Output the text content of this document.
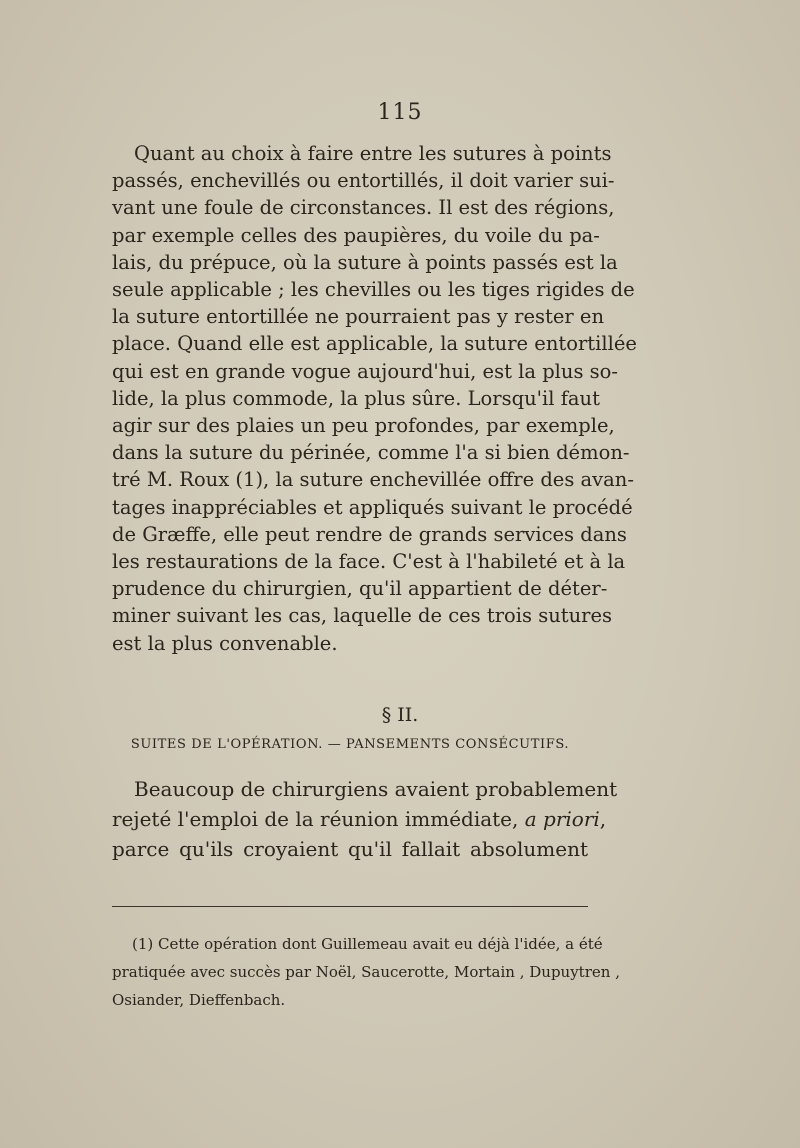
115
Quant au choix à faire entre les sutures à points
passés, enchevillés ou entortillés, il doit varier sui-
vant une foule de circonstances. Il est des régions,
par exemple celles des paupières, du voile du pa-
lais, du prépuce, où la suture à points passés est la
seule applicable ; les chevilles ou les tiges rigides de
la suture entortillée ne pourraient pas y rester en
place. Quand elle est applicable, la suture entortillée
qui est en grande vogue aujourd'hui, est la plus so-
lide, la plus commode, la plus sûre. Lorsqu'il faut
agir sur des plaies un peu profondes, par exemple,
dans la suture du périnée, comme l'a si bien démon-
tré M. Roux (1), la suture enchevillée offre des avan-
tages inappréciables et appliqués suivant le procédé
de Græffe, elle peut rendre de grands services dans
les restaurations de la face. C'est à l'habileté et à la
prudence du chirurgien, qu'il appartient de déter-
miner suivant les cas, laquelle de ces trois sutures
est la plus convenable.
§ II.
SUITES DE L'OPÉRATION. — PANSEMENTS CONSÉCUTIFS.
Beaucoup de chirurgiens avaient probablement
rejeté l'emploi de la réunion immédiate, a priori,
parce qu'ils croyaient qu'il fallait absolument
(1) Cette opération dont Guillemeau avait eu déjà l'idée, a été
pratiquée avec succès par Noël, Saucerotte, Mortain , Dupuytren ,
Osiander, Dieffenbach.
